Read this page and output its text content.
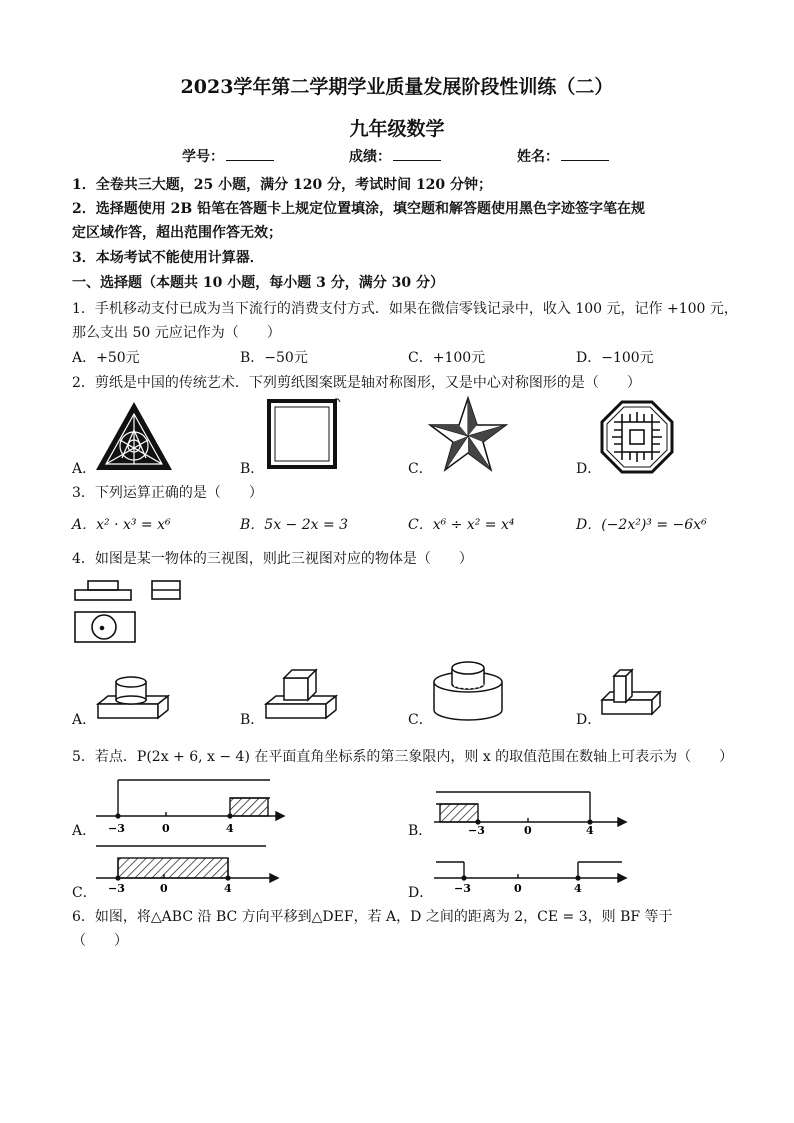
2023学年第二学期学业质量发展阶段性训练（二）
九年级数学
学号：	成绩：	姓名：
1．全卷共三大题，25 小题，满分 120 分，考试时间 120 分钟；
2．选择题使用 2B 铅笔在答题卡上规定位置填涂，填空题和解答题使用黑色字迹签字笔在规
定区域作答，超出范围作答无效；
3．本场考试不能使用计算器．
一、选择题（本题共 10 小题，每小题 3 分，满分 30 分）
1．手机移动支付已成为当下流行的消费支付方式．如果在微信零钱记录中，收入 100 元，记作 +100 元，
那么支出 50 元应记作为（　　）
A．+50元	B．−50元	C．+100元	D．−100元
2．剪纸是中国的传统艺术．下列剪纸图案既是轴对称图形，又是中心对称图形的是（　　）
A．	B．	C．	D．
3．下列运算正确的是（　　）
A．x² · x³ = x⁶	B．5x − 2x = 3	C．x⁶ ÷ x² = x⁴	D．(−2x²)³ = −6x⁶
4．如图是某一物体的三视图，则此三视图对应的物体是（　　）
A．	B．	C．	D．
5．若点．P(2x + 6, x − 4) 在平面直角坐标系的第三象限内，则 x 的取值范围在数轴上可表示为（　　）
A． −3	0	4	B．	−3	0	4
C． −3	0	4	D． −3	0	4
6．如图，将△ABC 沿 BC 方向平移到△DEF，若 A，D 之间的距离为 2，CE = 3，则 BF 等于
（　　）
